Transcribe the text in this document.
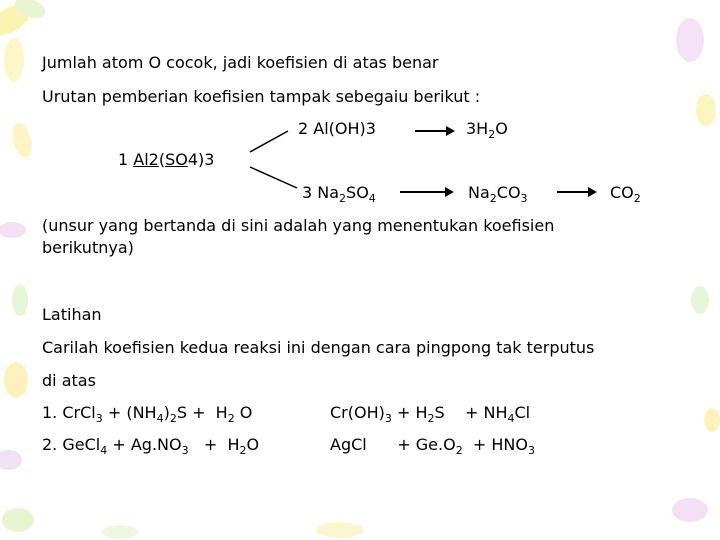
Jumlah atom O cocok, jadi koefisien di atas benar
Urutan pemberian koefisien tampak sebegaiu berikut :
2 Al(OH)3	$3H_2O$
1 Al2(SO4)3
3 $Na_2SO_4$	$Na_2CO_3$	$CO_2$
(unsur yang bertanda di sini adalah yang menentukan koefisien
berikutnya)
Latihan
Carilah koefisien kedua reaksi ini dengan cara pingpong tak terputus
di atas
1. CrCl$_3$ + $(NH_4)_2S + H_2$ O	$Cr(OH)_3 + H_2S + NH_4Cl$
2. GeCl$_4$ + $Ag.NO_3 + H_2O$	AgCl + $Ge.O_2 + HNO_3$
